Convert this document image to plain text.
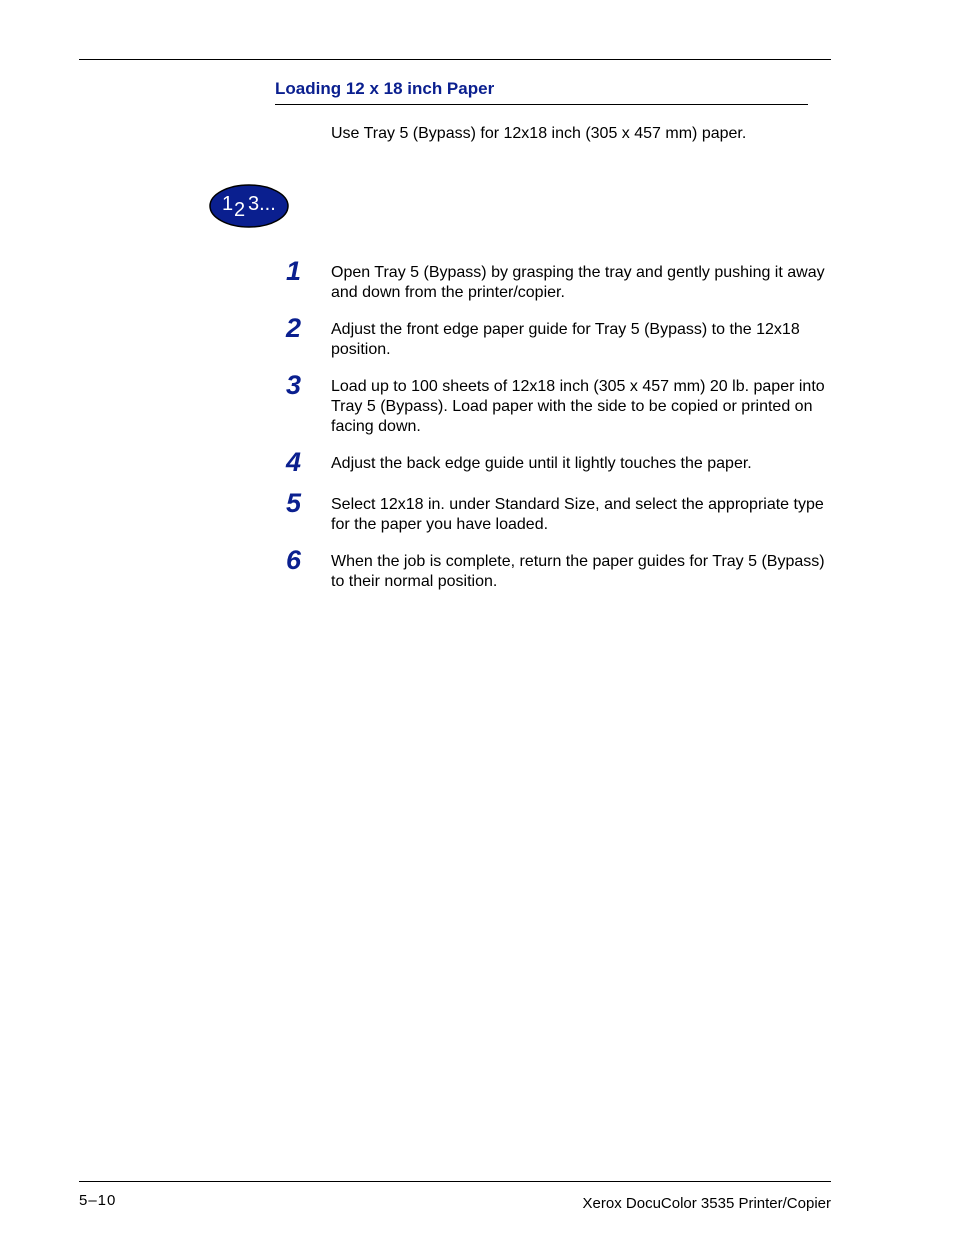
Loading 12 x 18 inch Paper
Use Tray 5 (Bypass) for 12x18 inch (305 x 457 mm) paper.
1 2 3...
1 Open Tray 5 (Bypass) by grasping the tray and gently pushing it away and down from the printer/copier.
2 Adjust the front edge paper guide for Tray 5 (Bypass) to the 12x18 position.
3 Load up to 100 sheets of 12x18 inch (305 x 457 mm) 20 lb. paper into Tray 5 (Bypass). Load paper with the side to be copied or printed on facing down.
4 Adjust the back edge guide until it lightly touches the paper.
5 Select 12x18 in. under Standard Size, and select the appropriate type for the paper you have loaded.
6 When the job is complete, return the paper guides for Tray 5 (Bypass) to their normal position.
5–10	Xerox DocuColor 3535 Printer/Copier
